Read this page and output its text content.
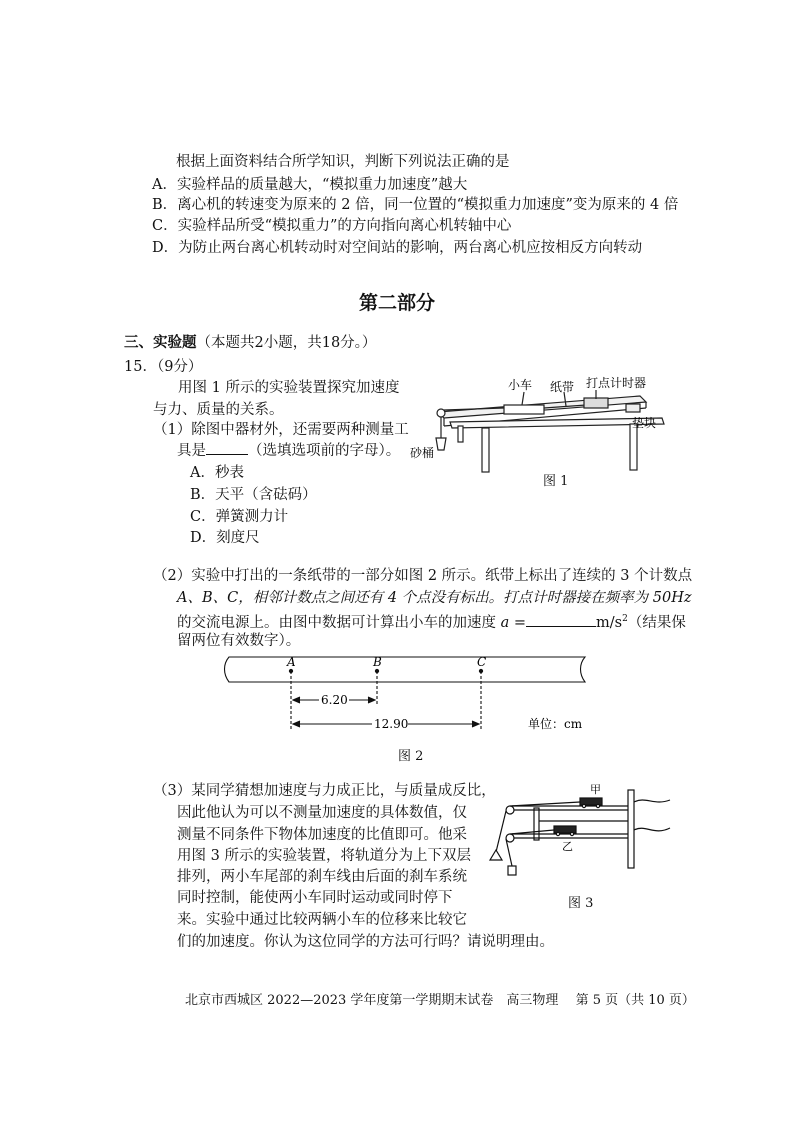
根据上面资料结合所学知识，判断下列说法正确的是
A．实验样品的质量越大，“模拟重力加速度”越大
B．离心机的转速变为原来的 2 倍，同一位置的“模拟重力加速度”变为原来的 4 倍
C．实验样品所受“模拟重力”的方向指向离心机转轴中心
D．为防止两台离心机转动时对空间站的影响，两台离心机应按相反方向转动
第二部分
三、实验题（本题共2小题，共18分。）
15．（9分）
用图 1 所示的实验装置探究加速度
与力、质量的关系。
（1）除图中器材外，还需要两种测量工
具是	（选填选项前的字母）。
A．秒表
B．天平（含砝码）
C．弹簧测力计
D．刻度尺
小车 纸带 打点计时器
垫块
砂桶
图 1
（2）实验中打出的一条纸带的一部分如图 2 所示。纸带上标出了连续的 3 个计数点
A、B、C，相邻计数点之间还有 4 个点没有标出。打点计时器接在频率为 50Hz
的交流电源上。由图中数据可计算出小车的加速度 a =	$m/s^2$（结果保
留两位有效数字）。
A	B	C
6.20
12.90	单位：cm
图 2
（3）某同学猜想加速度与力成正比，与质量成反比，
因此他认为可以不测量加速度的具体数值，仅
测量不同条件下物体加速度的比值即可。他采
用图 3 所示的实验装置，将轨道分为上下双层
排列，两小车尾部的刹车线由后面的刹车系统
同时控制，能使两小车同时运动或同时停下
来。实验中通过比较两辆小车的位移来比较它
们的加速度。你认为这位同学的方法可行吗？请说明理由。
甲
乙
图 3
北京市西城区 2022—2023 学年度第一学期期末试卷　高三物理　 第 5 页（共 10 页）
